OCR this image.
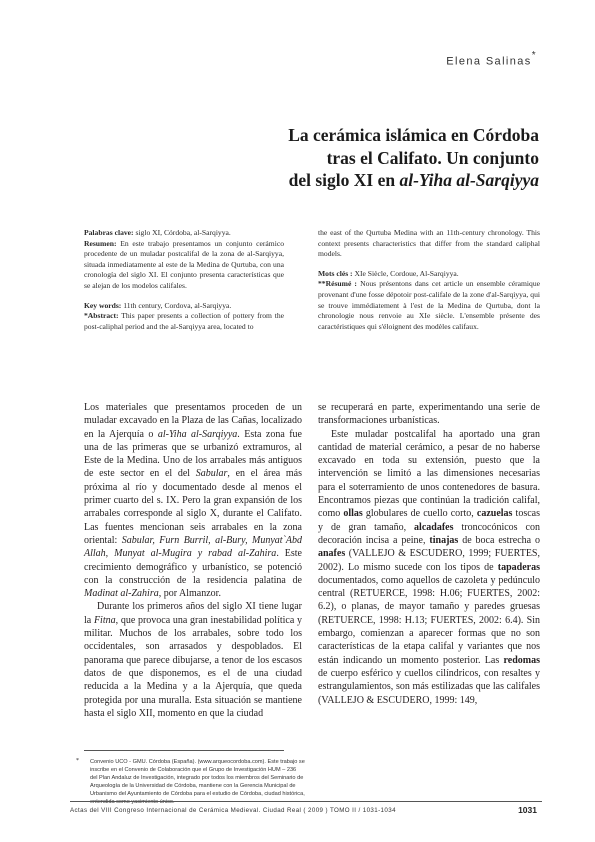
Elena Salinas*
La cerámica islámica en Córdoba
tras el Califato. Un conjunto
del siglo XI en al-Yiha al-Sarqiyya

Palabras clave: siglo XI, Córdoba, al-Sarqiyya.

Resumen: En este trabajo presentamos un conjunto cerámico procedente de un muladar postcalifal de la zona de al-Sarqiyya, situada inmediatamente al este de la Medina de Qurtuba, con una cronología del siglo XI. El conjunto presenta características que se alejan de los modelos califales.

Key words: 11th century, Cordova, al-Sarqiyya.

*Abstract: This paper presents a collection of pottery from the post-caliphal period and the al-Sarqiyya area, located to

the east of the Qurtuba Medina with an 11th-century chronology. This context presents characteristics that differ from the standard caliphal models.

Mots clés : XIe Siècle, Cordoue, Al-Sarqiyya.

**Résumé : Nous présentons dans cet article un ensemble céramique provenant d'une fosse dépotoir post-califale de la zone d'al-Sarqiyya, qui se trouve immédiatement à l'est de la Medina de Qurtuba, dont la chronologie nous renvoie au XIe siècle. L'ensemble présente des caractéristiques qui s'éloignent des modèles califaux.

Los materiales que presentamos proceden de un muladar excavado en la Plaza de las Cañas, localizado en la Ajerquía o al-Yiha al-Sarqiyya. Esta zona fue una de las primeras que se urbanizó extramuros, al Este de la Medina. Uno de los arrabales más antiguos de este sector en el del Sabular, en el área más próxima al río y documentado desde al menos el primer cuarto del s. IX. Pero la gran expansión de los arrabales corresponde al siglo X, durante el Califato. Las fuentes mencionan seis arrabales en la zona oriental: Sabular, Furn Burril, al-Bury, Munyat`Abd Allah, Munyat al-Mugira y rabad al-Zahira. Este crecimiento demográfico y urbanístico, se potenció con la construcción de la residencia palatina de Madinat al-Zahira, por Almanzor.

Durante los primeros años del siglo XI tiene lugar la Fitna, que provoca una gran inestabilidad política y militar. Muchos de los arrabales, sobre todo los occidentales, son arrasados y despoblados. El panorama que parece dibujarse, a tenor de los escasos datos de que disponemos, es el de una ciudad reducida a la Medina y a la Ajerquía, que queda protegida por una muralla. Esta situación se mantiene hasta el siglo XII, momento en que la ciudad

se recuperará en parte, experimentando una serie de transformaciones urbanísticas.

Este muladar postcalifal ha aportado una gran cantidad de material cerámico, a pesar de no haberse excavado en toda su extensión, puesto que la intervención se limitó a las dimensiones necesarias para el soterramiento de unos contenedores de basura. Encontramos piezas que continúan la tradición califal, como ollas globulares de cuello corto, cazuelas toscas y de gran tamaño, alcadafes troncocónicos con decoración incisa a peine, tinajas de boca estrecha o anafes (VALLEJO & ESCUDERO, 1999; FUERTES, 2002). Lo mismo sucede con los tipos de tapaderas documentados, como aquellos de cazoleta y pedúnculo central (RETUERCE, 1998: H.06; FUERTES, 2002: 6.2), o planas, de mayor tamaño y paredes gruesas (RETUERCE, 1998: H.13; FUERTES, 2002: 6.4). Sin embargo, comienzan a aparecer formas que no son características de la etapa califal y variantes que nos están indicando un momento posterior. Las redomas de cuerpo esférico y cuellos cilíndricos, con resaltes y estrangulamientos, son más estilizadas que las califales (VALLEJO & ESCUDERO, 1999: 149,

* Convenio UCO - GMU. Córdoba (España). (www.arqueocordoba.com). Este trabajo se inscribe en el Convenio de Colaboración que el Grupo de Investigación HUM – 236 del Plan Andaluz de Investigación, integrado por todos los miembros del Seminario de Arqueología de la Universidad de Córdoba, mantiene con la Gerencia Municipal de Urbanismo del Ayuntamiento de Córdoba para el estudio de Córdoba, ciudad histórica, entendida como yacimiento único.
Actas del VIII Congreso Internacional de Cerámica Medieval. Ciudad Real ( 2009 ) TOMO II / 1031-1034	1031
